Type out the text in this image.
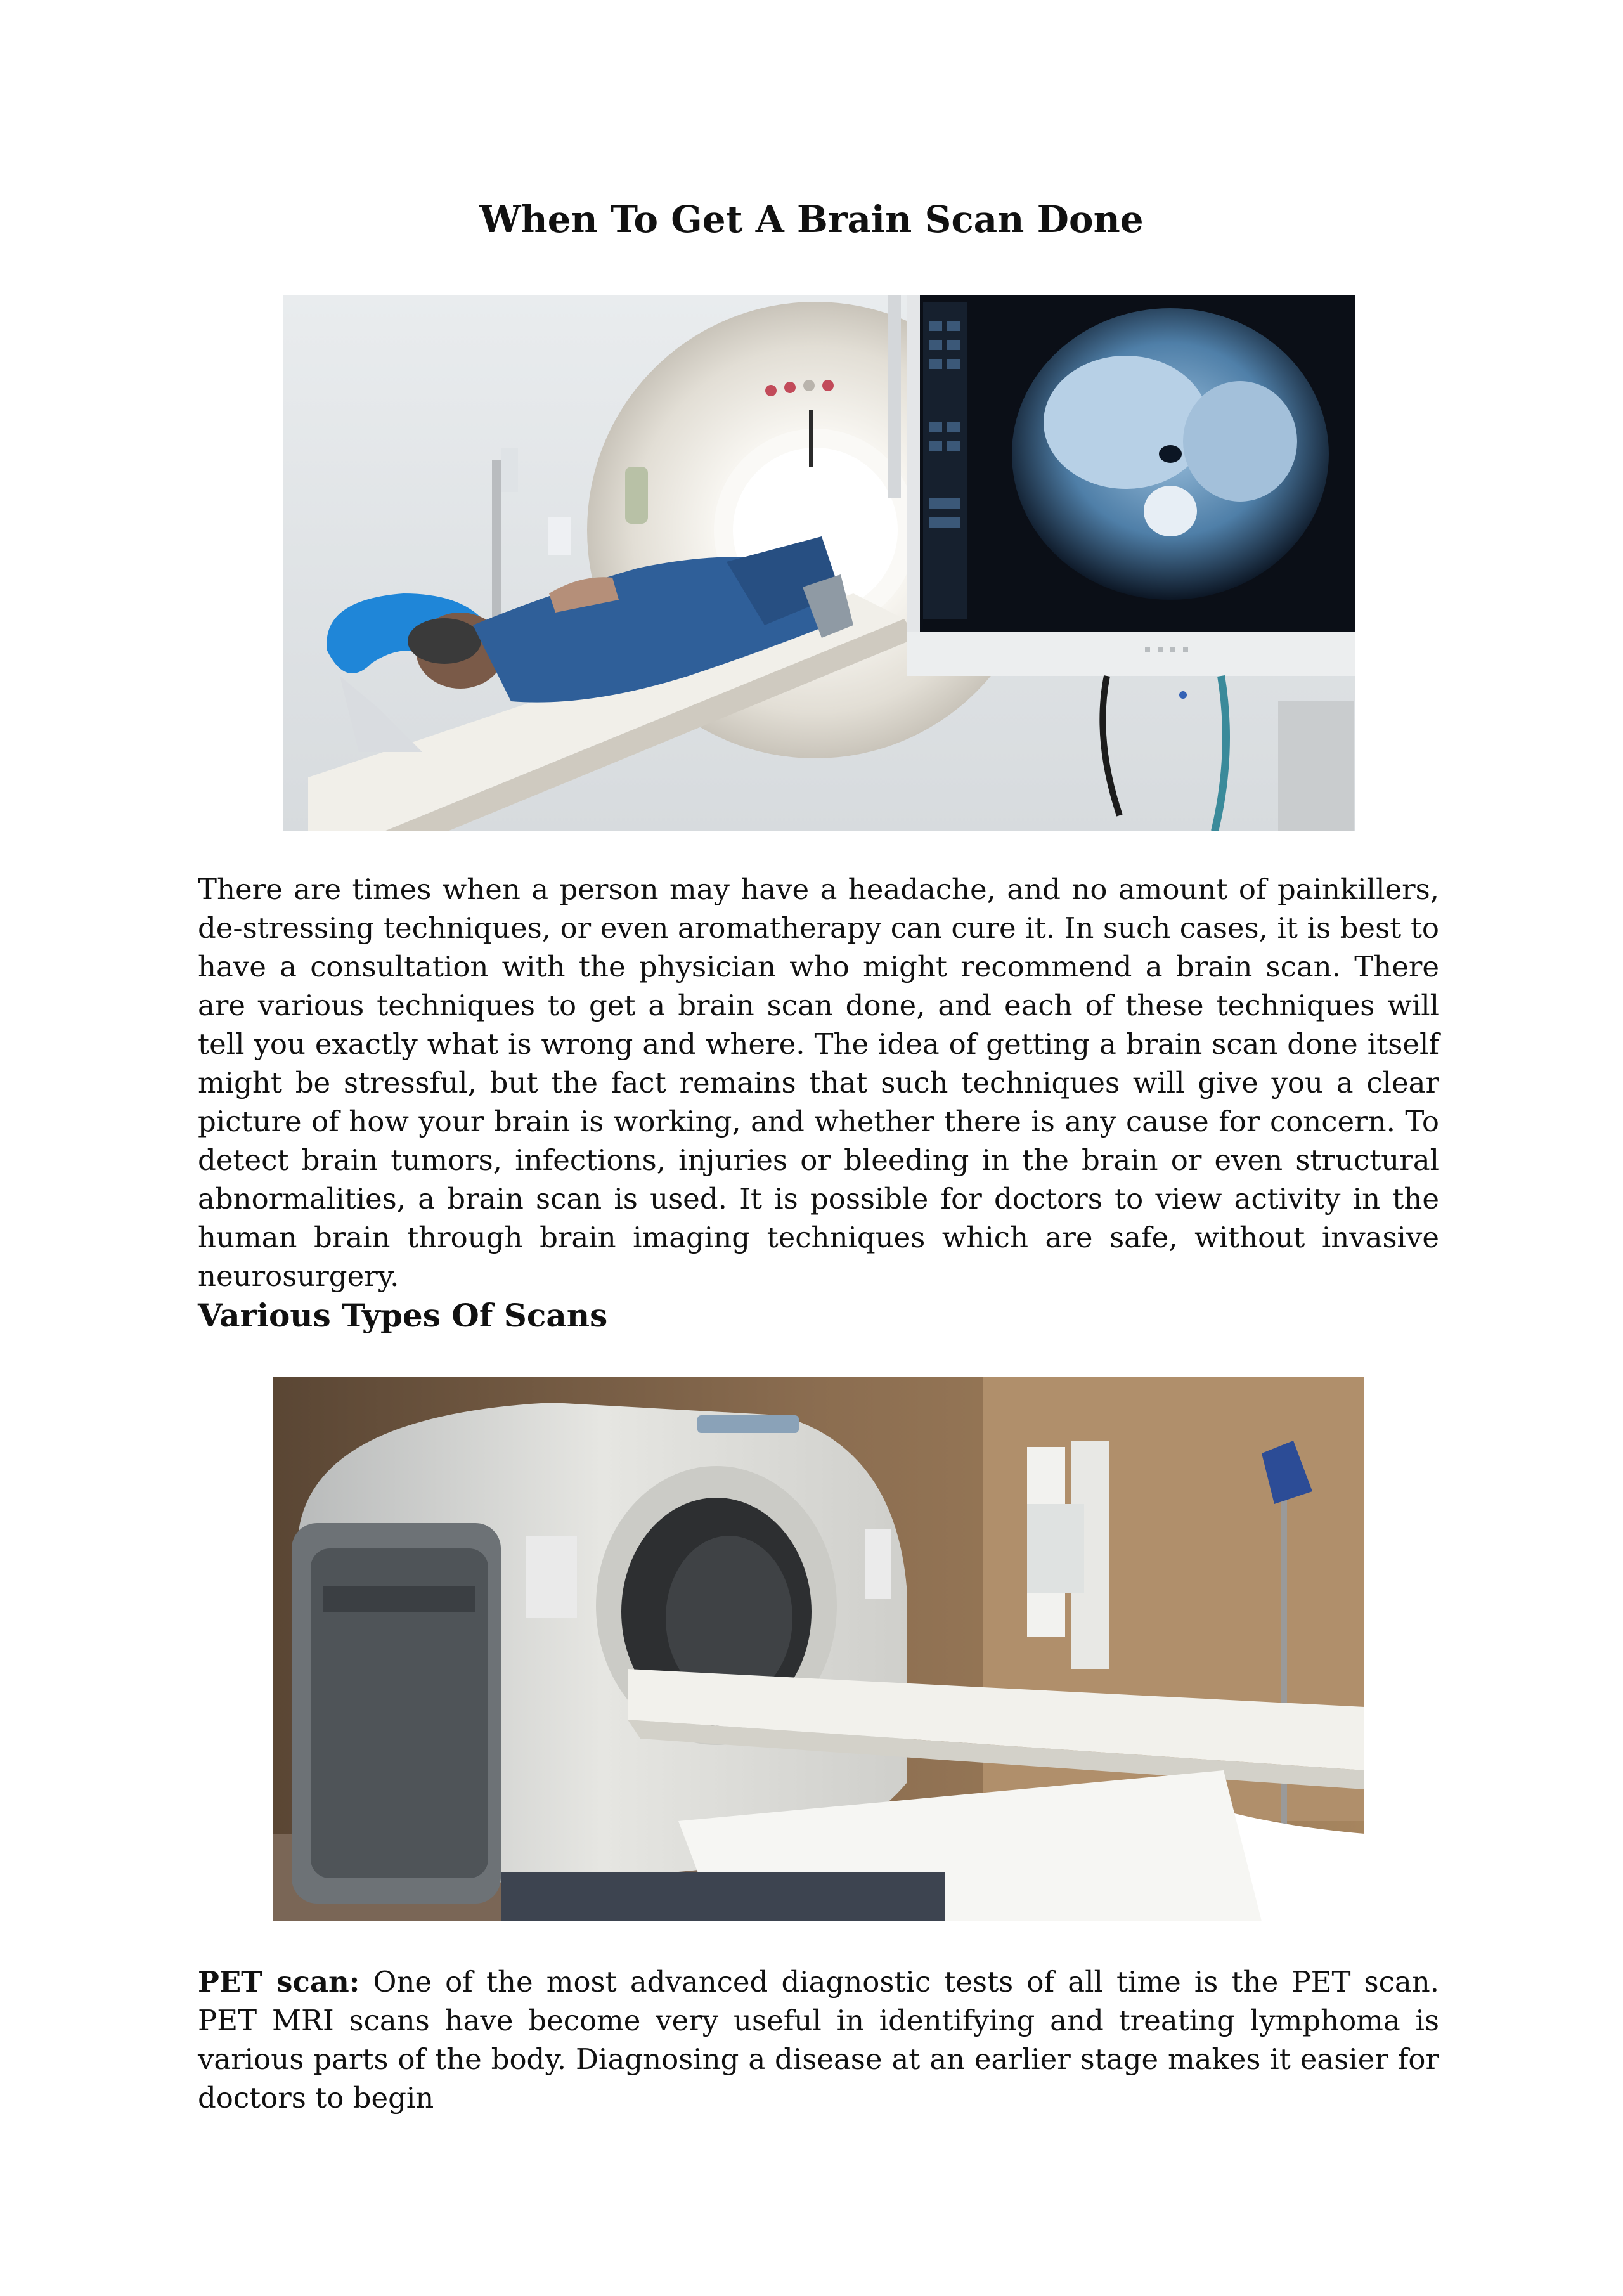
When To Get A Brain Scan Done

There are times when a person may have a headache, and no amount of painkillers, de-stressing techniques, or even aromatherapy can cure it. In such cases, it is best to have a consultation with the physician who might recommend a brain scan. There are various techniques to get a brain scan done, and each of these techniques will tell you exactly what is wrong and where. The idea of getting a brain scan done itself might be stressful, but the fact remains that such techniques will give you a clear picture of how your brain is working, and whether there is any cause for concern. To detect brain tumors, infections, injuries or bleeding in the brain or even structural abnormalities, a brain scan is used. It is possible for doctors to view activity in the human brain through brain imaging techniques which are safe, without invasive neurosurgery.

Various Types Of Scans

PET scan: One of the most advanced diagnostic tests of all time is the PET scan. PET MRI scans have become very useful in identifying and treating lymphoma is various parts of the body. Diagnosing a disease at an earlier stage makes it easier for doctors to begin
